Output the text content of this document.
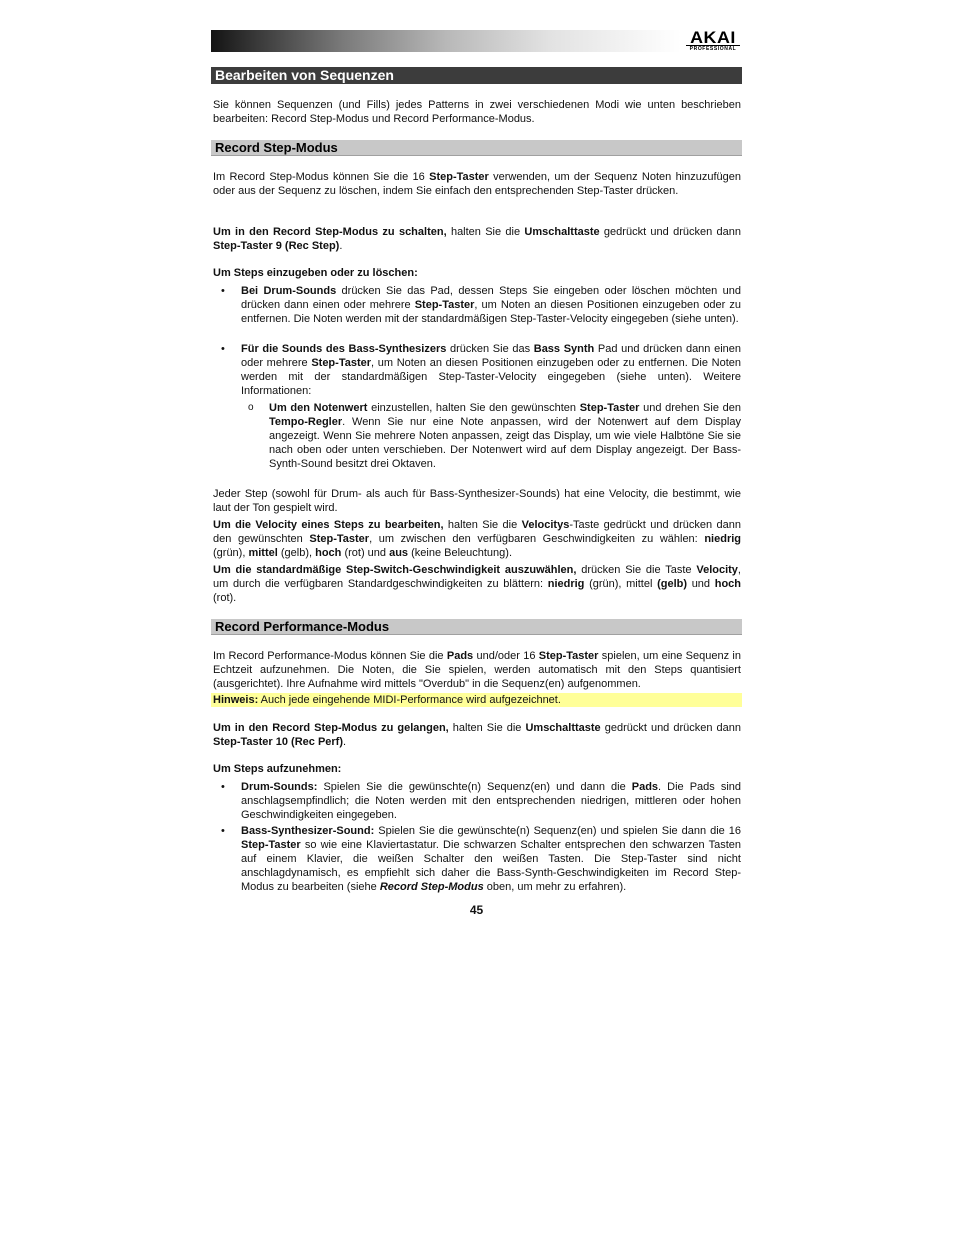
AKAI
PROFESSIONAL
Bearbeiten von Sequenzen

Sie können Sequenzen (und Fills) jedes Patterns in zwei verschiedenen Modi wie unten beschrieben bearbeiten: Record Step-Modus und Record Performance-Modus.

Record Step-Modus

Im Record Step-Modus können Sie die 16 Step-Taster verwenden, um der Sequenz Noten hinzuzufügen oder aus der Sequenz zu löschen, indem Sie einfach den entsprechenden Step-Taster drücken.

Um in den Record Step-Modus zu schalten, halten Sie die Umschalttaste gedrückt und drücken dann Step-Taster 9 (Rec Step).

Um Steps einzugeben oder zu löschen:

• Bei Drum-Sounds drücken Sie das Pad, dessen Steps Sie eingeben oder löschen möchten und drücken dann einen oder mehrere Step-Taster, um Noten an diesen Positionen einzugeben oder zu entfernen. Die Noten werden mit der standardmäßigen Step-Taster-Velocity eingegeben (siehe unten).

• Für die Sounds des Bass-Synthesizers drücken Sie das Bass Synth Pad und drücken dann einen oder mehrere Step-Taster, um Noten an diesen Positionen einzugeben oder zu entfernen. Die Noten werden mit der standardmäßigen Step-Taster-Velocity eingegeben (siehe unten). Weitere Informationen:

o Um den Notenwert einzustellen, halten Sie den gewünschten Step-Taster und drehen Sie den Tempo-Regler. Wenn Sie nur eine Note anpassen, wird der Notenwert auf dem Display angezeigt. Wenn Sie mehrere Noten anpassen, zeigt das Display, um wie viele Halbtöne Sie sie nach oben oder unten verschieben. Der Notenwert wird auf dem Display angezeigt. Der Bass-Synth-Sound besitzt drei Oktaven.

Jeder Step (sowohl für Drum- als auch für Bass-Synthesizer-Sounds) hat eine Velocity, die bestimmt, wie laut der Ton gespielt wird.

Um die Velocity eines Steps zu bearbeiten, halten Sie die Velocitys-Taste gedrückt und drücken dann den gewünschten Step-Taster, um zwischen den verfügbaren Geschwindigkeiten zu wählen: niedrig (grün), mittel (gelb), hoch (rot) und aus (keine Beleuchtung).

Um die standardmäßige Step-Switch-Geschwindigkeit auszuwählen, drücken Sie die Taste Velocity, um durch die verfügbaren Standardgeschwindigkeiten zu blättern: niedrig (grün), mittel (gelb) und hoch (rot).

Record Performance-Modus

Im Record Performance-Modus können Sie die Pads und/oder 16 Step-Taster spielen, um eine Sequenz in Echtzeit aufzunehmen. Die Noten, die Sie spielen, werden automatisch mit den Steps quantisiert (ausgerichtet). Ihre Aufnahme wird mittels "Overdub" in die Sequenz(en) aufgenommen.

Hinweis: Auch jede eingehende MIDI-Performance wird aufgezeichnet.

Um in den Record Step-Modus zu gelangen, halten Sie die Umschalttaste gedrückt und drücken dann Step-Taster 10 (Rec Perf).

Um Steps aufzunehmen:

• Drum-Sounds: Spielen Sie die gewünschte(n) Sequenz(en) und dann die Pads. Die Pads sind anschlagsempfindlich; die Noten werden mit den entsprechenden niedrigen, mittleren oder hohen Geschwindigkeiten eingegeben.

• Bass-Synthesizer-Sound: Spielen Sie die gewünschte(n) Sequenz(en) und spielen Sie dann die 16 Step-Taster so wie eine Klaviertastatur. Die schwarzen Schalter entsprechen den schwarzen Tasten auf einem Klavier, die weißen Schalter den weißen Tasten. Die Step-Taster sind nicht anschlagdynamisch, es empfiehlt sich daher die Bass-Synth-Geschwindigkeiten im Record Step-Modus zu bearbeiten (siehe Record Step-Modus oben, um mehr zu erfahren).

45
